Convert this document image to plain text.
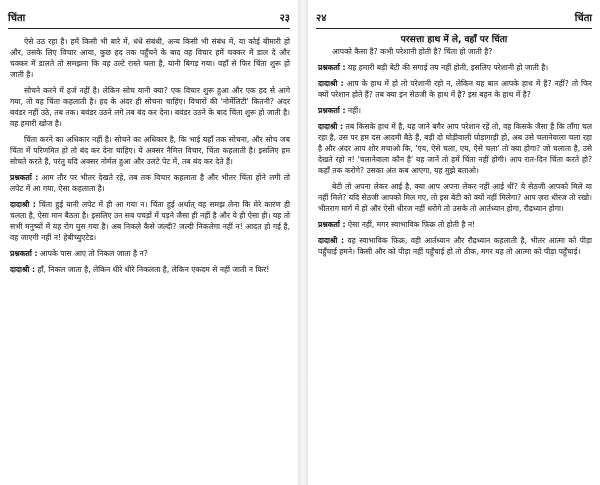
चिंता	२३

ऐसे उठ रहा है। हमें किसी भी बारे में, धंधे संबंधी, अन्य किसी भी संबंध में, या कोई बीमारी हो और, उसके लिए विचार आया, कुछ हद तक पहुँचने के बाद वह विचार हमें चक्कर में डाल दे और चक्कर में डालते तो समझना कि वह उल्टे रास्ते चला है, यानी बिगड़ गया। वहाँ से फिर चिंता शुरू हो जाती है।

सोचने करने में हर्ज नहीं है। लेकिन सोच यानी क्या? एक विचार शुरू हुआ और एक हद से आगे गया, तो वह चिंता कहलाती है। हद के अंदर ही सोचना चाहिए। विचारों की 'नोर्मेलिटी' कितनी? अंदर बवंडर नहीं उठे, तब तक। बवंडर उठने लगे तब बंद कर देना। बवंडर उठने के बाद चिंता शुरू हो जाती है। वह हमारी खोज है।

चिंता करने का अधिकार नहीं है। सोचने का अधिकार है, कि भाई यहाँ तक सोचना, और सोच जब चिंता में परिणमित हो तो बंद कर देना चाहिए। ये अक्सर नैमित्त विचार, चिंता कहलाती है। इसलिए हम सोचते करते हैं, परंतु यदि अक्सर नोर्मल हुआ और उलटे पेट में, तब बंद कर देते हैं।

प्रश्नकर्ता : आम तौर पर भीतर देखते रहे, तब तक विचार कहलाता है और भीतर चिंता होने लगी तो लपेट में आ गया, ऐसा कहलाता है।

दादाश्री : चिंता हुई यानी लपेट में ही आ गया न। चिंता हुई अर्थात् वह समझ लेना कि मेरे कारण ही चलता है, ऐसा मान बैठता है। इसलिए उन सब पचड़ों में पड़ने जैसा ही नहीं है और ये ही ऐसा ही। यह तो सभी मनुष्यों में यह रोग घुस गया है। अब निकले कैसे जल्दी? जल्दी निकलेगा नहीं न! आदत हो गई है, वह जाएगी नहीं न! हेबीच्युएटेड।

प्रश्नकर्ता : आपके पास आए तो निकल जाता है न?

दादाश्री : हाँ, निकल जाता है, लेकिन धीरे धीरे निकलता है, लेकिन एकदम से नहीं जाती न फिर!

२४	चिंता
परसत्ता हाथ में ले, वहाँ पर चिंता

आपको कैसा है? कभी परेशानी होती है? चिंता हो जाती है?

प्रश्नकर्ता : यह हमारी बड़ी बेटी की सगाई तय नहीं होती, इसलिए परेशानी हो जाती है।

दादाश्री : आप के हाथ में हो तो परेशानी रहो न, लेकिन यह बात आपके हाथ में है? नहीं? तो फिर क्यों परेशान होते हैं? तब क्या इन सेठजी के हाथ में है? इस बहन के हाथ में है?

प्रश्नकर्ता : नहीं।

दादाश्री : तब किसके हाथ में है, यह जाने बगैर आप परेशान रहें तो, वह किसके जैसा है कि ताँगा चल रहा है, उस पर हम दस आदमी बैठे हैं, बड़ी दो घोड़ीवाली घोड़ागाड़ी हो, अब उसे चलानेवाला चला रहा है और अंदर आप शोर मचाओ कि, 'एय, ऐसे चला, एय, ऐसे चला' तो क्या होगा? जो चलाता है, उसे देखते रहो न! 'चलानेवाला कौन है' यह जानें तो हमें चिंता नहीं होगी। आप रात-दिन चिंता करते हो? कहाँ तक करोगे? उसका अंत कब आएगा, यह मुझे बताओ।

बेटी तो अपना लेकर आई है, क्या आप अपना लेकर नहीं आई थीं? ये सेठजी आपको मिले या नहीं मिले? यदि सेठजी आपको मिल गए, तो इस बेटी को क्यों नहीं मिलेगा? आप ज़रा धीरज तो रखो। भीतराग मार्ग में हो और ऐसी धीरज नहीं धरोगे तो उसके तो आर्तध्यान होगा, रौद्रध्यान होगा।

प्रश्नकर्ता : ऐसा नहीं, मगर स्वाभाविक फ़िक्र तो होती है न!

दादाश्री : वह स्वाभाविक फ़िक्र, वही आर्तध्यान और रौद्रध्यान कहलाती है, भीतर आत्मा को पीड़ा पहुँचाई हमने। किसी और को पीड़ा नहीं पहुँचाई हो तो ठीक, मगर यह तो आत्मा को पीड़ा पहुँचाई।
